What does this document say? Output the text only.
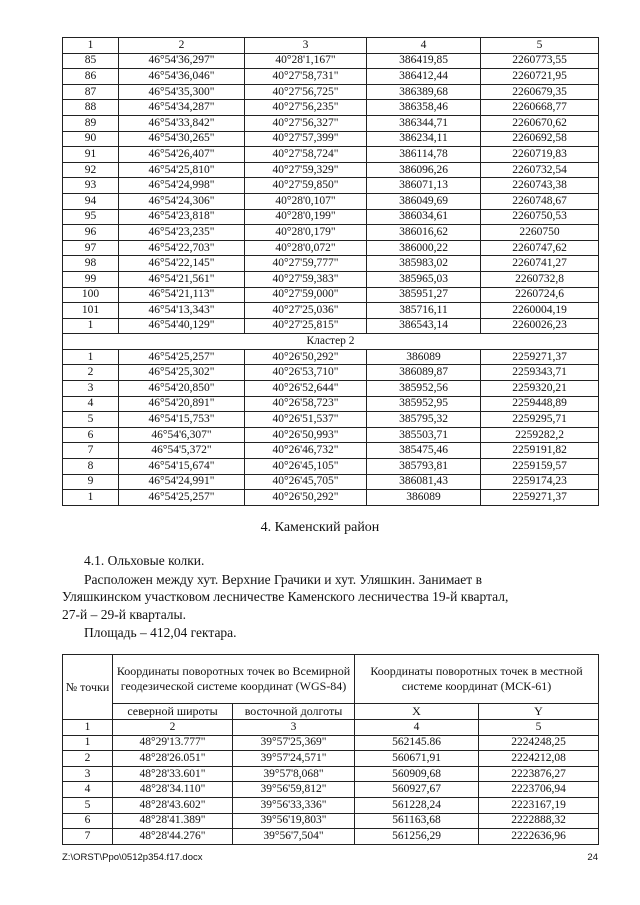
1	2	3	4	5
85	46°54'36,297"	40°28'1,167"	386419,85	2260773,55
86	46°54'36,046"	40°27'58,731"	386412,44	2260721,95
87	46°54'35,300"	40°27'56,725"	386389,68	2260679,35
88	46°54'34,287"	40°27'56,235"	386358,46	2260668,77
89	46°54'33,842"	40°27'56,327"	386344,71	2260670,62
90	46°54'30,265"	40°27'57,399"	386234,11	2260692,58
91	46°54'26,407"	40°27'58,724"	386114,78	2260719,83
92	46°54'25,810"	40°27'59,329"	386096,26	2260732,54
93	46°54'24,998"	40°27'59,850"	386071,13	2260743,38
94	46°54'24,306"	40°28'0,107"	386049,69	2260748,67
95	46°54'23,818"	40°28'0,199"	386034,61	2260750,53
96	46°54'23,235"	40°28'0,179"	386016,62	2260750
97	46°54'22,703"	40°28'0,072"	386000,22	2260747,62
98	46°54'22,145"	40°27'59,777"	385983,02	2260741,27
99	46°54'21,561"	40°27'59,383"	385965,03	2260732,8
100	46°54'21,113"	40°27'59,000"	385951,27	2260724,6
101	46°54'13,343"	40°27'25,036"	385716,11	2260004,19
1	46°54'40,129"	40°27'25,815"	386543,14	2260026,23
Кластер 2				
1	46°54'25,257"	40°26'50,292"	386089	2259271,37
2	46°54'25,302"	40°26'53,710"	386089,87	2259343,71
3	46°54'20,850"	40°26'52,644"	385952,56	2259320,21
4	46°54'20,891"	40°26'58,723"	385952,95	2259448,89
5	46°54'15,753"	40°26'51,537"	385795,32	2259295,71
6	46°54'6,307"	40°26'50,993"	385503,71	2259282,2
7	46°54'5,372"	40°26'46,732"	385475,46	2259191,82
8	46°54'15,674"	40°26'45,105"	385793,81	2259159,57
9	46°54'24,991"	40°26'45,705"	386081,43	2259174,23
1	46°54'25,257"	40°26'50,292"	386089	2259271,37
4. Каменский район
4.1. Ольховые колки.
Расположен между хут. Верхние Грачики и хут. Уляшкин. Занимает в
Уляшкинском участковом лесничестве Каменского лесничества 19-й квартал,
27-й – 29-й кварталы.
Площадь – 412,04 гектара.
№ точки	Координаты поворотных точек во Всемирной геодезической системе координат (WGS-84)		Координаты поворотных точек в местной системе координат (МСК-61)	
	северной широты	восточной долготы	X	Y
1	2	3	4	5
1	48°29'13.777"	39°57'25,369"	562145.86	2224248,25
2	48°28'26.051"	39°57'24,571"	560671,91	2224212,08
3	48°28'33.601"	39°57'8,068"	560909,68	2223876,27
4	48°28'34.110"	39°56'59,812"	560927,67	2223706,94
5	48°28'43.602"	39°56'33,336"	561228,24	2223167,19
6	48°28'41.389"	39°56'19,803"	561163,68	2222888,32
7	48°28'44.276"	39°56'7,504"	561256,29	2222636,96
Z:\ORST\Ppo\0512p354.f17.docx	24
